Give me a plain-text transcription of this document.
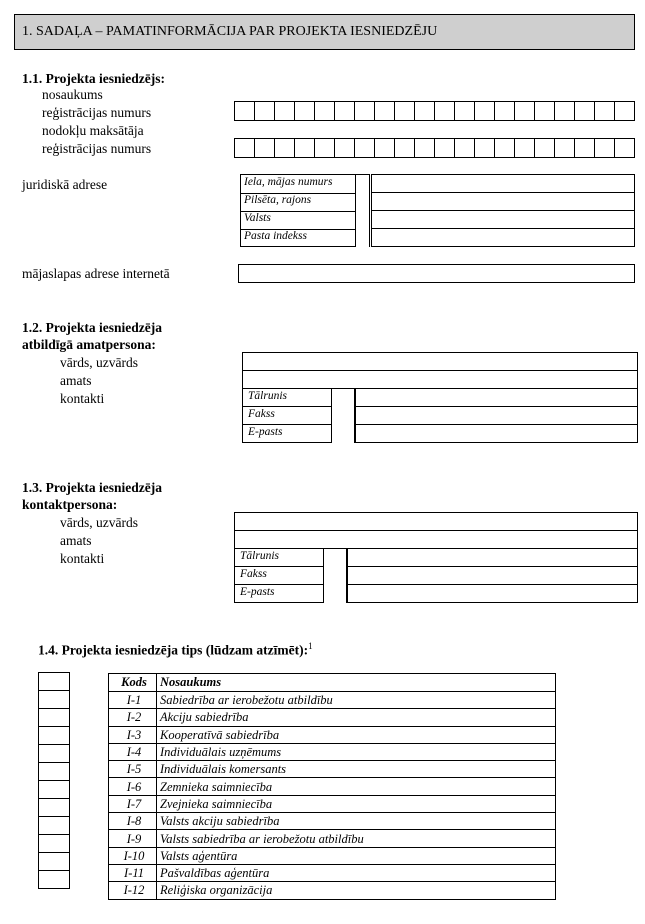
1. SADAĻA – PAMATINFORMĀCIJA PAR PROJEKTA IESNIEDZĒJU
1.1. Projekta iesniedzējs:
nosaukums
reģistrācijas numurs
nodokļu maksātāja
reģistrācijas numurs
juridiskā adrese	Iela, mājas numurs
Pilsēta, rajons
Valsts
Pasta indekss
mājaslapas adrese internetā
1.2. Projekta iesniedzēja
atbildīgā amatpersona:
vārds, uzvārds
amats
kontakti	Tālrunis
Fakss
E-pasts
1.3. Projekta iesniedzēja
kontaktpersona:
vārds, uzvārds
amats
kontakti	Tālrunis
Fakss
E-pasts
1.4. Projekta iesniedzēja tips (lūdzam atzīmēt):$^1$
Kods	Nosaukums
I-1	Sabiedrība ar ierobežotu atbildību
I-2	Akciju sabiedrība
I-3	Kooperatīvā sabiedrība
I-4	Individuālais uzņēmums
I-5	Individuālais komersants
I-6	Zemnieka saimniecība
I-7	Zvejnieka saimniecība
I-8	Valsts akciju sabiedrība
I-9	Valsts sabiedrība ar ierobežotu atbildību
I-10	Valsts aģentūra
I-11	Pašvaldības aģentūra
I-12	Reliģiska organizācija
